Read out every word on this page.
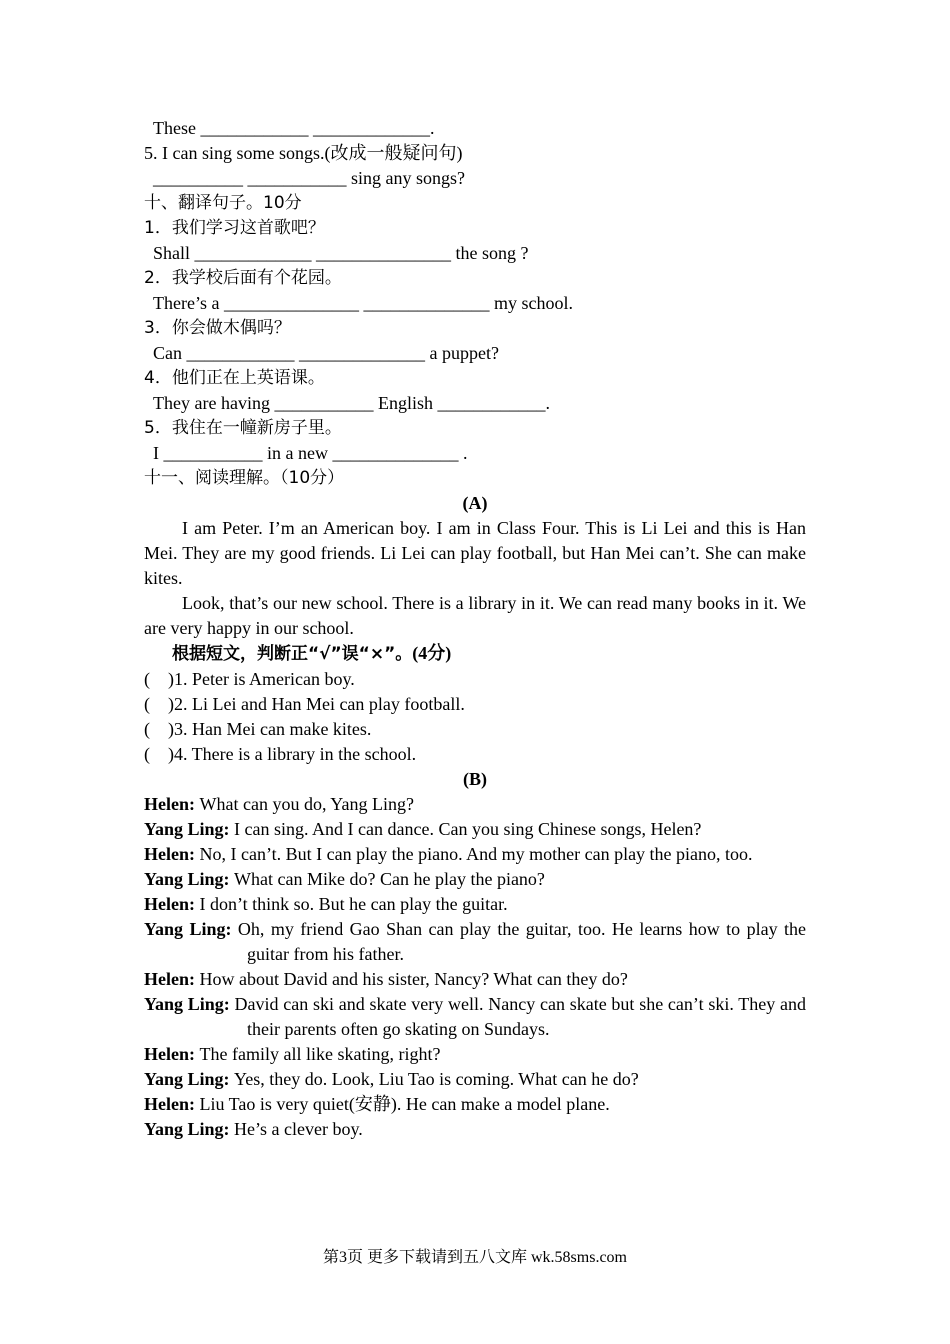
These ____________ _____________.
5. I can sing some songs.(改成一般疑问句)
__________ ___________ sing any songs?
十、翻译句子。10分
1．我们学习这首歌吧？
Shall _____________ _______________ the song ?
2．我学校后面有个花园。
There’s a _______________ ______________ my school.
3．你会做木偶吗？
Can ____________ ______________ a puppet?
4．他们正在上英语课。
They are having ___________ English ____________.
5．我住在一幢新房子里。
I ___________ in a new ______________ .
十一、阅读理解。（10分）
(A)
I am Peter. I’m an American boy. I am in Class Four. This is Li Lei and this is Han Mei. They are my good friends. Li Lei can play football, but Han Mei can’t. She can make kites.
Look, that’s our new school. There is a library in it. We can read many books in it. We are very happy in our school.
根据短文，判断正“√”误“×”。(4分)
(    )1. Peter is American boy.
(    )2. Li Lei and Han Mei can play football.
(    )3. Han Mei can make kites.
(    )4. There is a library in the school.
(B)
Helen:
What can you do, Yang Ling?
Yang Ling:
I can sing. And I can dance. Can you sing Chinese songs, Helen?
Helen:
No, I can’t. But I can play the piano. And my mother can play the piano, too.
Yang Ling:
What can Mike do? Can he play the piano?
Helen:
I don’t think so. But he can play the guitar.
Yang Ling: Oh, my friend Gao Shan can play the guitar, too. He learns how to play the guitar from his father.
Helen:
How about David and his sister, Nancy? What can they do?
Yang Ling: David can ski and skate very well. Nancy can skate but she can’t ski. They and their parents often go skating on Sundays.
Helen:
The family all like skating, right?
Yang Ling:
Yes, they do. Look, Liu Tao is coming. What can he do?
Helen:
Liu Tao is very quiet(安静). He can make a model plane.
Yang Ling:
He’s a clever boy.
第3页 更多下载请到五八文库 wk.58sms.com
